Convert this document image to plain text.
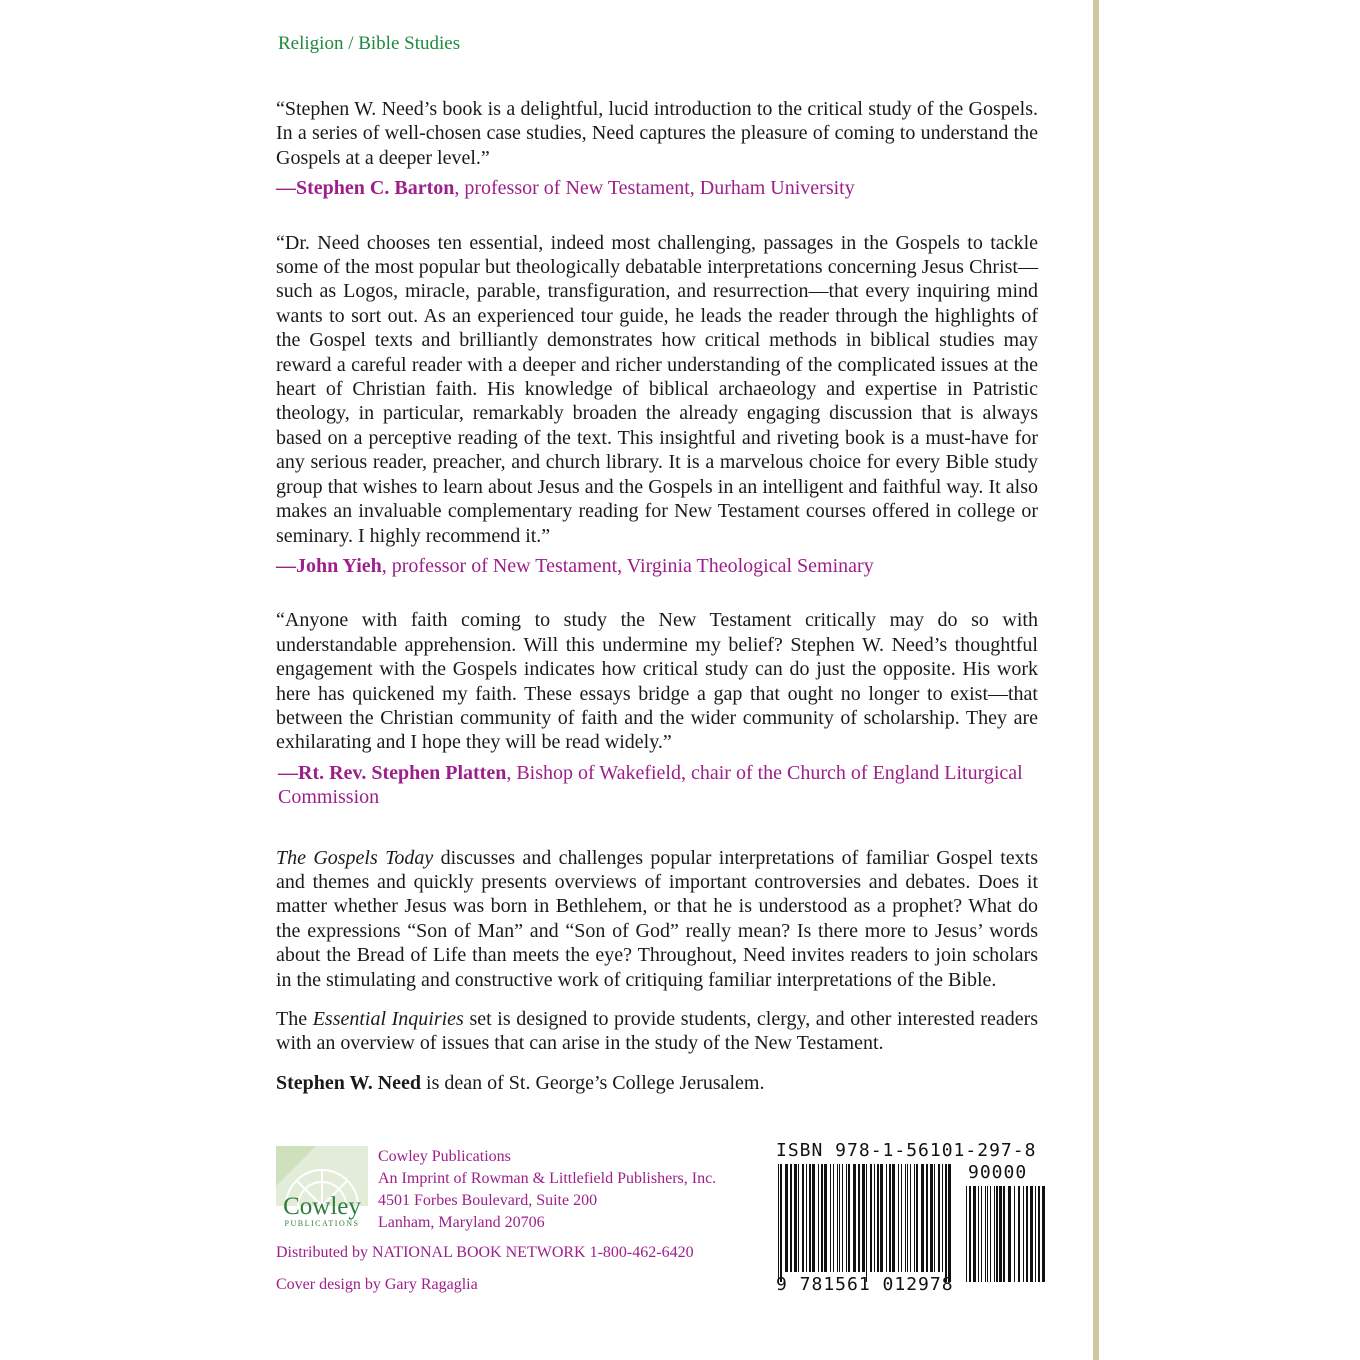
Religion / Bible Studies

“Stephen W. Need’s book is a delightful, lucid introduction to the critical study of the Gospels. In a series of well-chosen case studies, Need captures the pleasure of coming to understand the Gospels at a deeper level.”

—Stephen C. Barton, professor of New Testament, Durham University

“Dr. Need chooses ten essential, indeed most challenging, passages in the Gospels to tackle some of the most popular but theologically debatable interpretations concerning Jesus Christ—such as Logos, miracle, parable, transfiguration, and resurrection—that every inquiring mind wants to sort out. As an experienced tour guide, he leads the reader through the highlights of the Gospel texts and brilliantly demonstrates how critical methods in biblical studies may reward a careful reader with a deeper and richer understanding of the complicated issues at the heart of Christian faith. His knowledge of biblical archaeology and expertise in Patristic theology, in particular, remarkably broaden the already engaging discussion that is always based on a perceptive reading of the text. This insightful and riveting book is a must-have for any serious reader, preacher, and church library. It is a marvelous choice for every Bible study group that wishes to learn about Jesus and the Gospels in an intelligent and faithful way. It also makes an invaluable complementary reading for New Testament courses offered in college or seminary. I highly recommend it.”

—John Yieh, professor of New Testament, Virginia Theological Seminary

“Anyone with faith coming to study the New Testament critically may do so with understandable apprehension. Will this undermine my belief? Stephen W. Need’s thoughtful engagement with the Gospels indicates how critical study can do just the opposite. His work here has quickened my faith. These essays bridge a gap that ought no longer to exist—that between the Christian community of faith and the wider community of scholarship. They are exhilarating and I hope they will be read widely.”

—Rt. Rev. Stephen Platten, Bishop of Wakefield, chair of the Church of England Liturgical Commission

The Gospels Today discusses and challenges popular interpretations of familiar Gospel texts and themes and quickly presents overviews of important controversies and debates. Does it matter whether Jesus was born in Bethlehem, or that he is understood as a prophet? What do the expressions “Son of Man” and “Son of God” really mean? Is there more to Jesus’ words about the Bread of Life than meets the eye? Throughout, Need invites readers to join scholars in the stimulating and constructive work of critiquing familiar interpretations of the Bible.

The Essential Inquiries set is designed to provide students, clergy, and other interested readers with an overview of issues that can arise in the study of the New Testament.

Stephen W. Need is dean of St. George’s College Jerusalem.

Cowley
PUBLICATIONS
Cowley Publications
An Imprint of Rowman & Littlefield Publishers, Inc.
4501 Forbes Boulevard, Suite 200
Lanham, Maryland 20706
Distributed by NATIONAL BOOK NETWORK 1-800-462-6420
Cover design by Gary Ragaglia
ISBN 978-1-56101-297-8
90000
9 781561 012978
